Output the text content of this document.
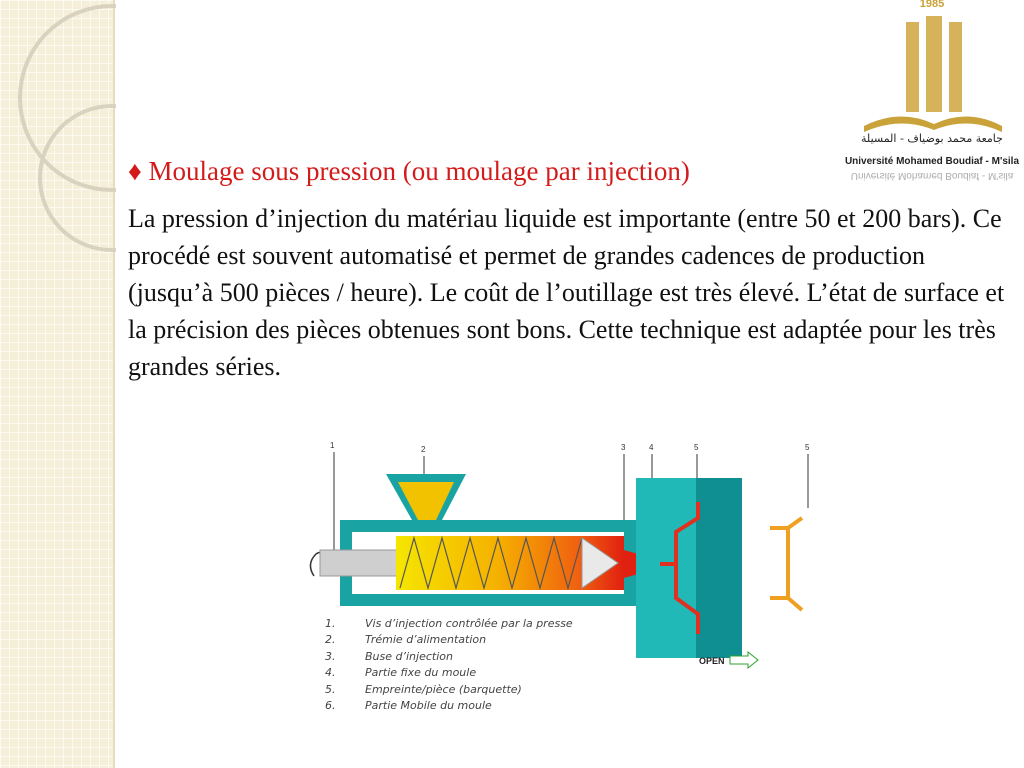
1985
جامعة محمد بوضياف - المسيلة
Université Mohamed Boudiaf - M'sila
Université Mohamed Boudiaf - M'sila
♦ Moulage sous pression (ou moulage par injection)
La pression d’injection du matériau liquide est importante (entre 50 et 200 bars). Ce procédé est souvent automatisé et permet de grandes cadences de production (jusqu’à 500 pièces / heure). Le coût de l’outillage est très élevé. L’état de surface et la précision des pièces obtenues sont bons. Cette technique est adaptée pour les très grandes séries.
1	2	3	4	5	5
OPEN
1.	Vis d’injection contrôlée par la presse
2.	Trémie d’alimentation
3.	Buse d’injection
4.	Partie fixe du moule
5.	Empreinte/pièce (barquette)
6.	Partie Mobile du moule
